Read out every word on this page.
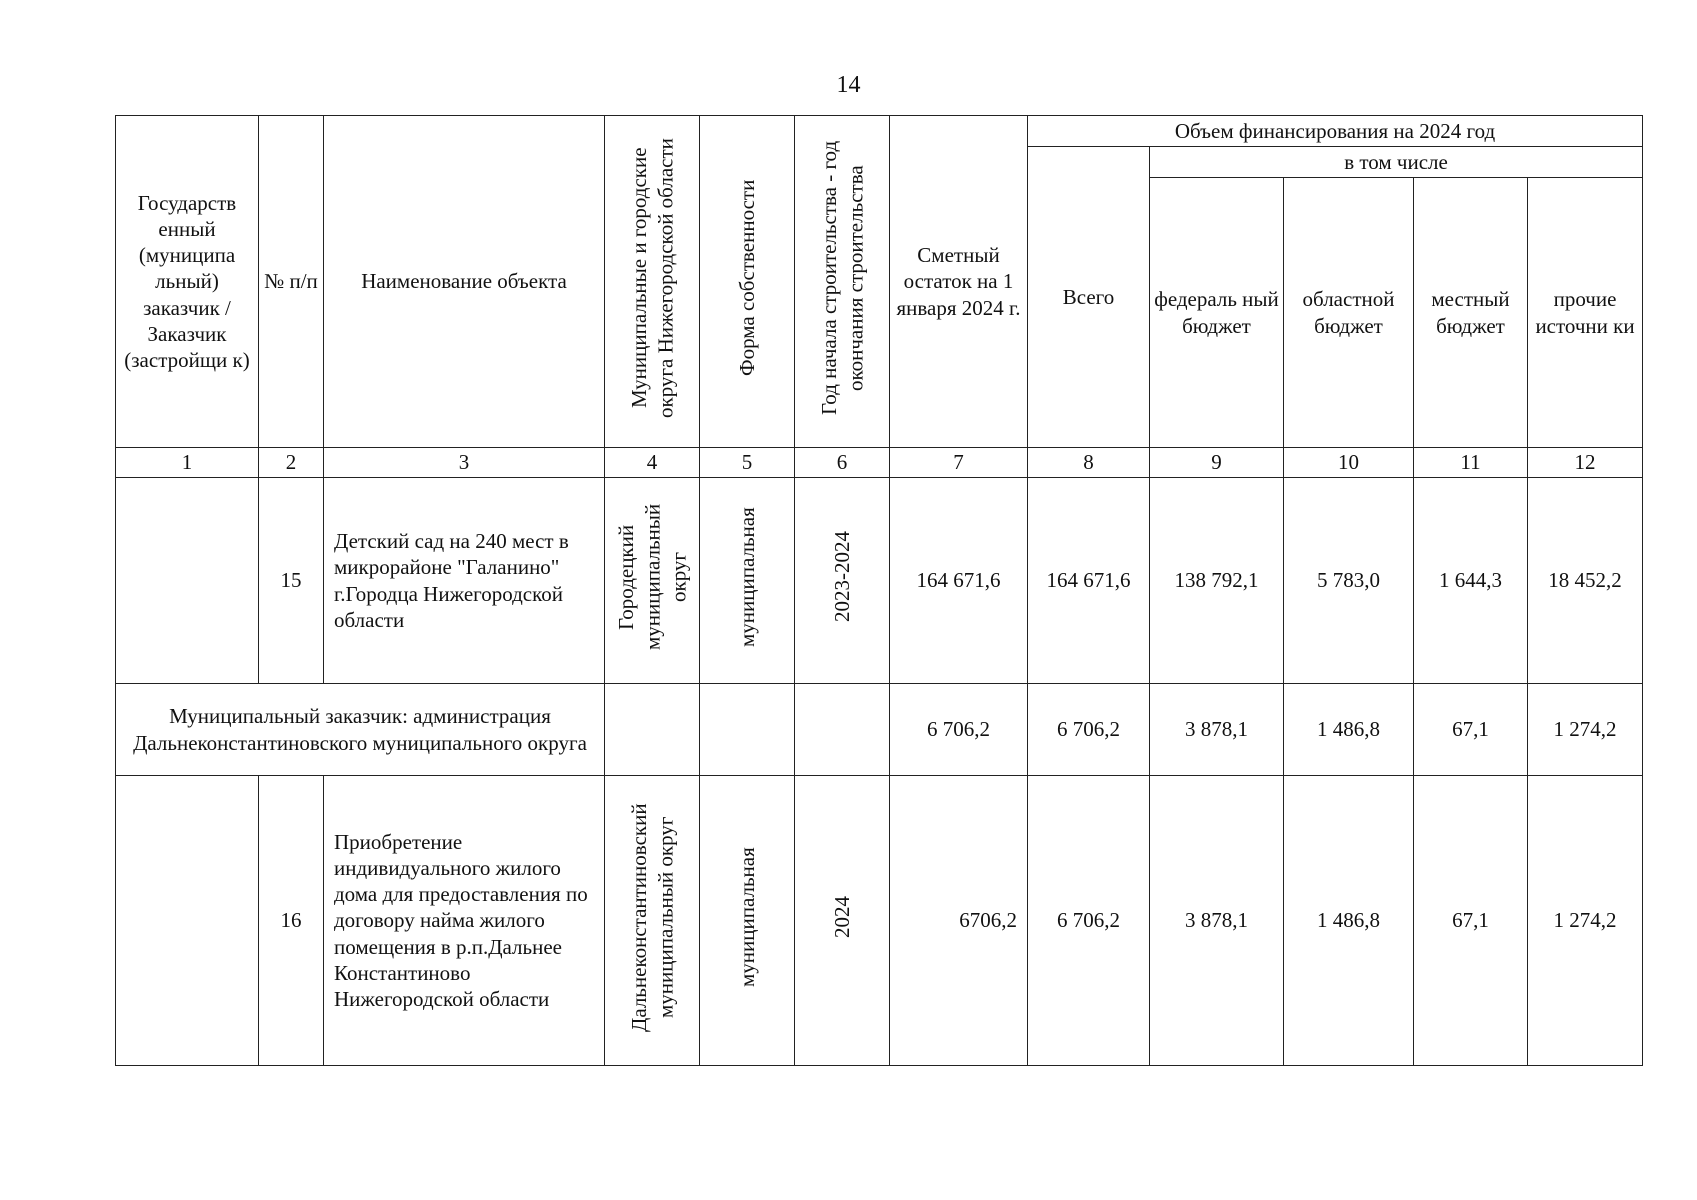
14
Государств енный (муниципа льный) заказчик / Заказчик (застройщи к)	№ п/п	Наименование объекта	Муниципальные и городские округа Нижегородской области	Форма собственности	Год начала строительства - год окончания строительства	Сметный остаток на 1 января 2024 г.	Объем финансирования на 2024 год				
							Всего	в том числе			
								федераль ный бюджет	областной бюджет	местный бюджет	прочие источни ки
1	2	3	4	5	6	7	8	9	10	11	12
	15	Детский сад на 240 мест в микрорайоне "Галанино" г.Городца Нижегородской области	Городецкий муниципальный округ	муниципальная	2023-2024	164 671,6	164 671,6	138 792,1	5 783,0	1 644,3	18 452,2
Муниципальный заказчик: администрация Дальнеконстантиновского муниципального округа						6 706,2	6 706,2	3 878,1	1 486,8	67,1	1 274,2
	16	Приобретение индивидуального жилого дома для предоставления по договору найма жилого помещения в р.п.Дальнее Константиново Нижегородской области	Дальнеконстантиновский муниципальный округ	муниципальная	2024	6706,2	6 706,2	3 878,1	1 486,8	67,1	1 274,2
